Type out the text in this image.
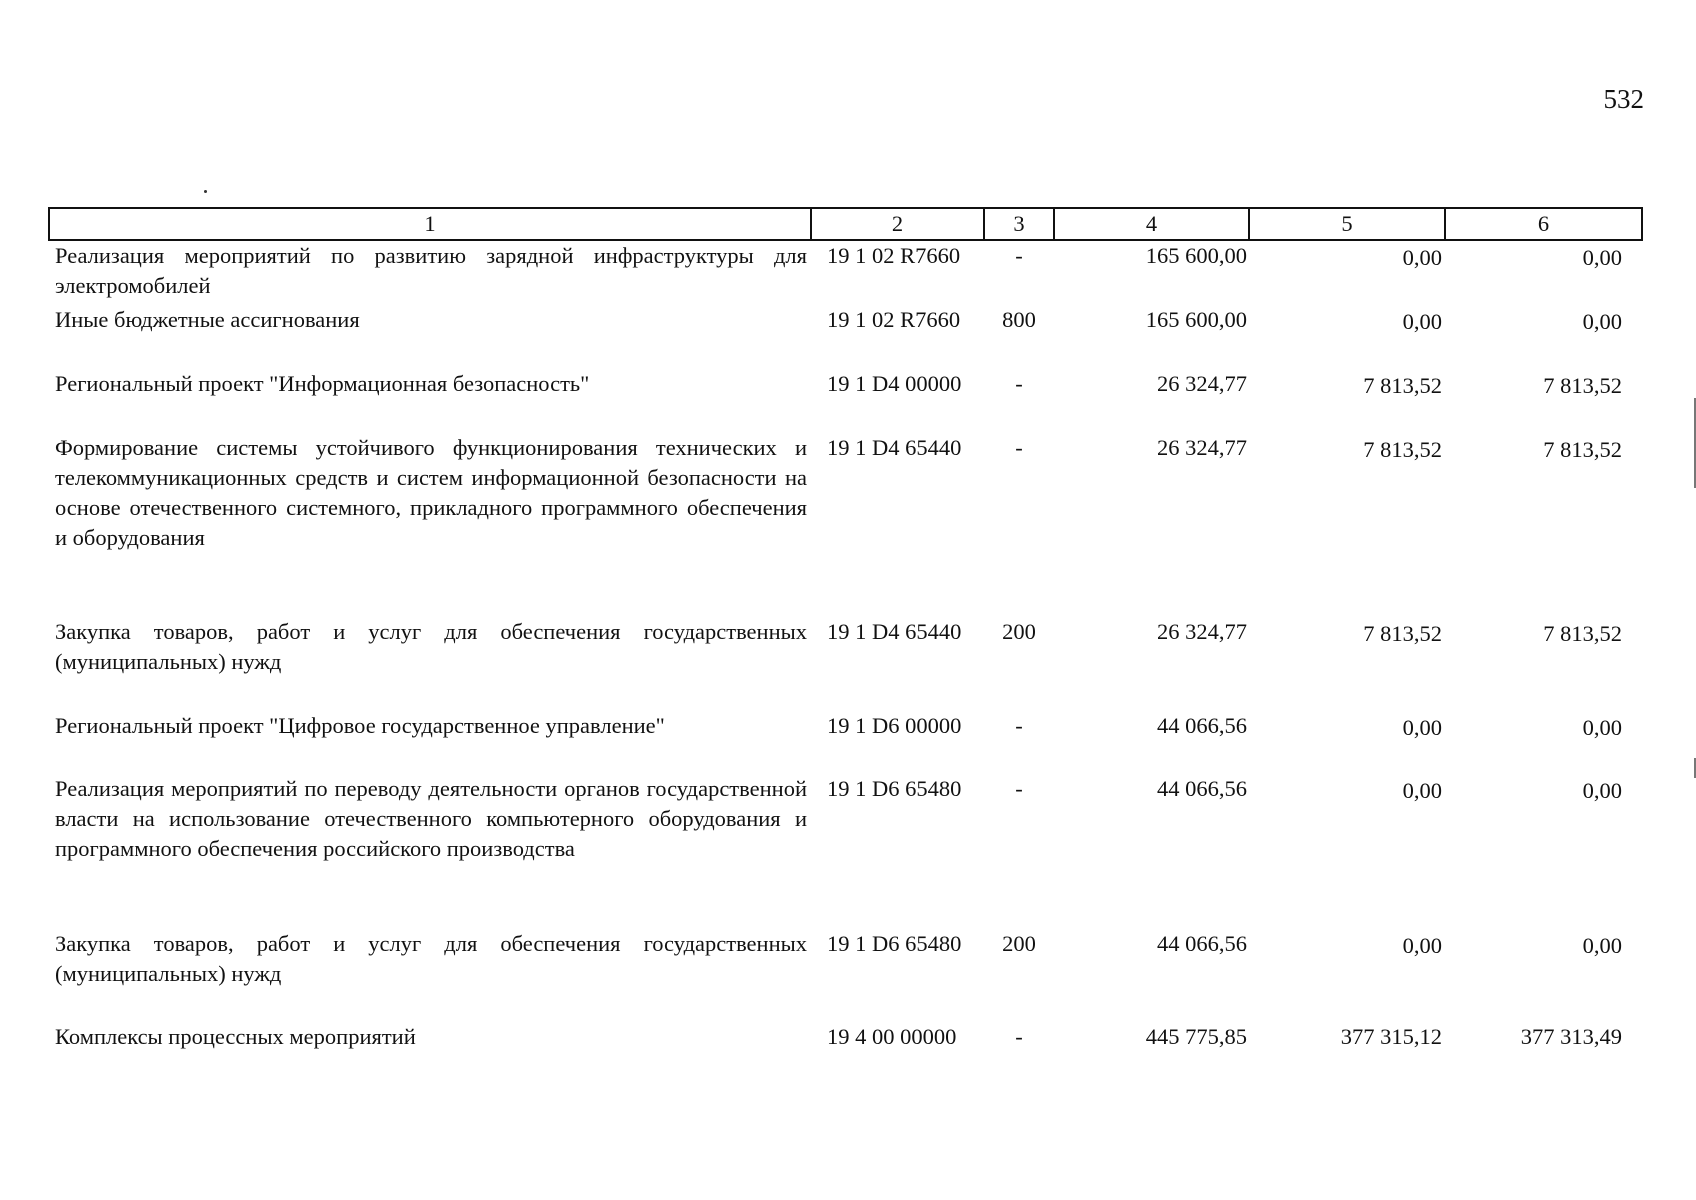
532
1	2	3	4	5	6
Реализация мероприятий по развитию зарядной инфраструктуры для электромобилей	19 1 02 R7660	-	165 600,00	0,00	0,00
Иные бюджетные ассигнования	19 1 02 R7660	800	165 600,00	0,00	0,00
Региональный проект "Информационная безопасность"	19 1 D4 00000	-	26 324,77	7 813,52	7 813,52
Формирование системы устойчивого функционирования технических и телекоммуникационных средств и систем информационной безопасности на основе отечественного системного, прикладного программного обеспечения и оборудования	19 1 D4 65440	-	26 324,77	7 813,52	7 813,52
Закупка товаров, работ и услуг для обеспечения государственных (муниципальных) нужд	19 1 D4 65440	200	26 324,77	7 813,52	7 813,52
Региональный проект "Цифровое государственное управление"	19 1 D6 00000	-	44 066,56	0,00	0,00
Реализация мероприятий по переводу деятельности органов государственной власти на использование отечественного компьютерного оборудования и программного обеспечения российского производства	19 1 D6 65480	-	44 066,56	0,00	0,00
Закупка товаров, работ и услуг для обеспечения государственных (муниципальных) нужд	19 1 D6 65480	200	44 066,56	0,00	0,00
Комплексы процессных мероприятий	19 4 00 00000	-	445 775,85	377 315,12	377 313,49
